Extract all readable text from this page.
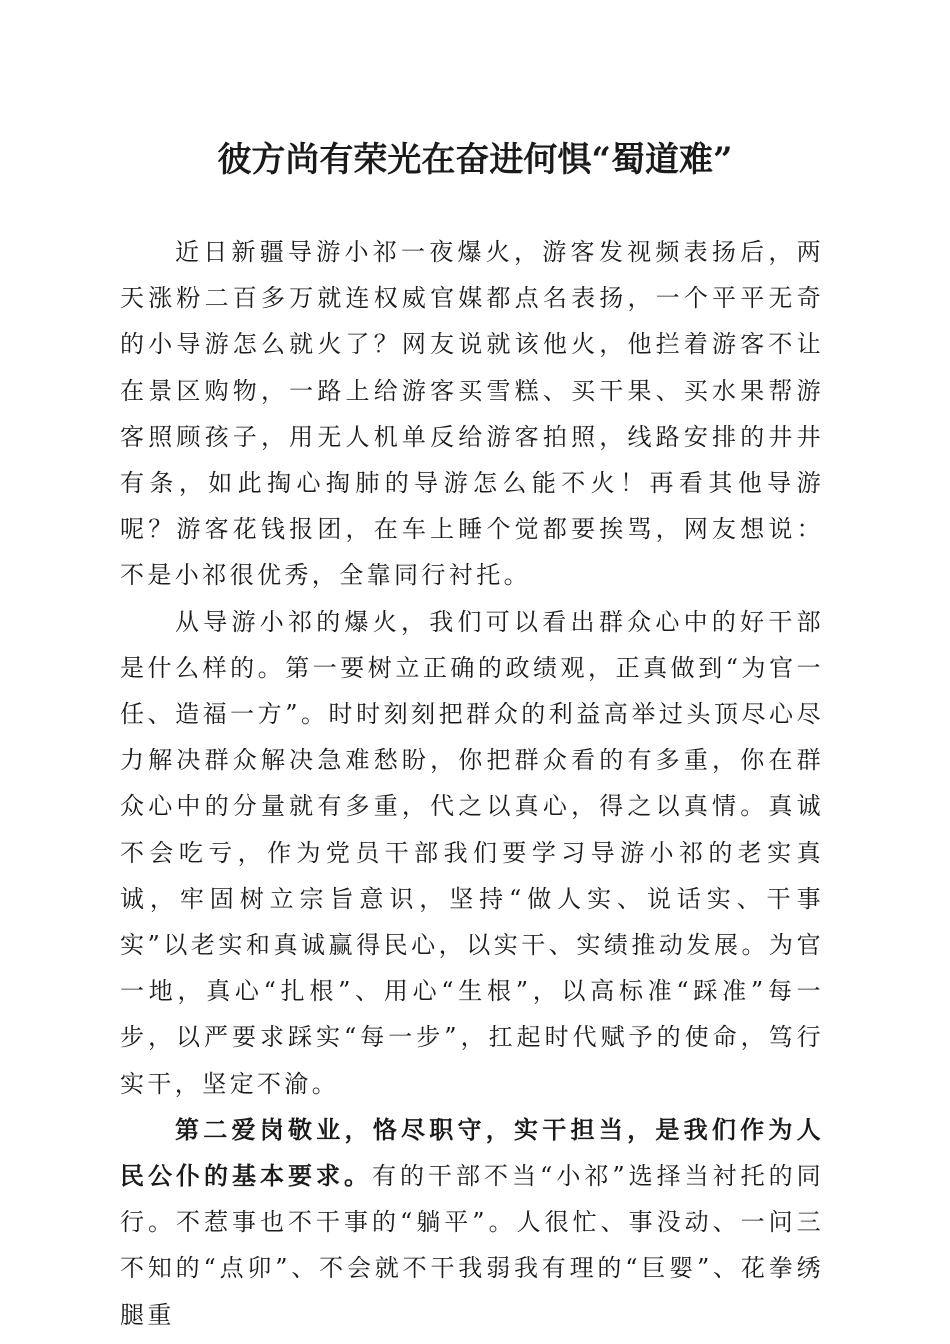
彼方尚有荣光在奋进何惧“蜀道难”

近日新疆导游小祁一夜爆火，游客发视频表扬后，两天涨粉二百多万就连权威官媒都点名表扬，一个平平无奇的小导游怎么就火了？网友说就该他火，他拦着游客不让在景区购物，一路上给游客买雪糕、买干果、买水果帮游客照顾孩子，用无人机单反给游客拍照，线路安排的井井有条，如此掏心掏肺的导游怎么能不火！再看其他导游呢？游客花钱报团，在车上睡个觉都要挨骂，网友想说：不是小祁很优秀，全靠同行衬托。

从导游小祁的爆火，我们可以看出群众心中的好干部是什么样的。第一要树立正确的政绩观，正真做到“为官一任、造福一方”。时时刻刻把群众的利益高举过头顶尽心尽力解决群众解决急难愁盼，你把群众看的有多重，你在群众心中的分量就有多重，代之以真心，得之以真情。真诚不会吃亏，作为党员干部我们要学习导游小祁的老实真诚，牢固树立宗旨意识，坚持“做人实、说话实、干事实”以老实和真诚赢得民心，以实干、实绩推动发展。为官一地，真心“扎根”、用心“生根”，以高标准“踩准”每一步，以严要求踩实“每一步”，扛起时代赋予的使命，笃行实干，坚定不渝。

第二爱岗敬业，恪尽职守，实干担当，是我们作为人民公仆的基本要求。有的干部不当“小祁”选择当衬托的同行。不惹事也不干事的“躺平”。人很忙、事没动、一问三不知的“点卯”、不会就不干我弱我有理的“巨婴”、花拳绣腿重
